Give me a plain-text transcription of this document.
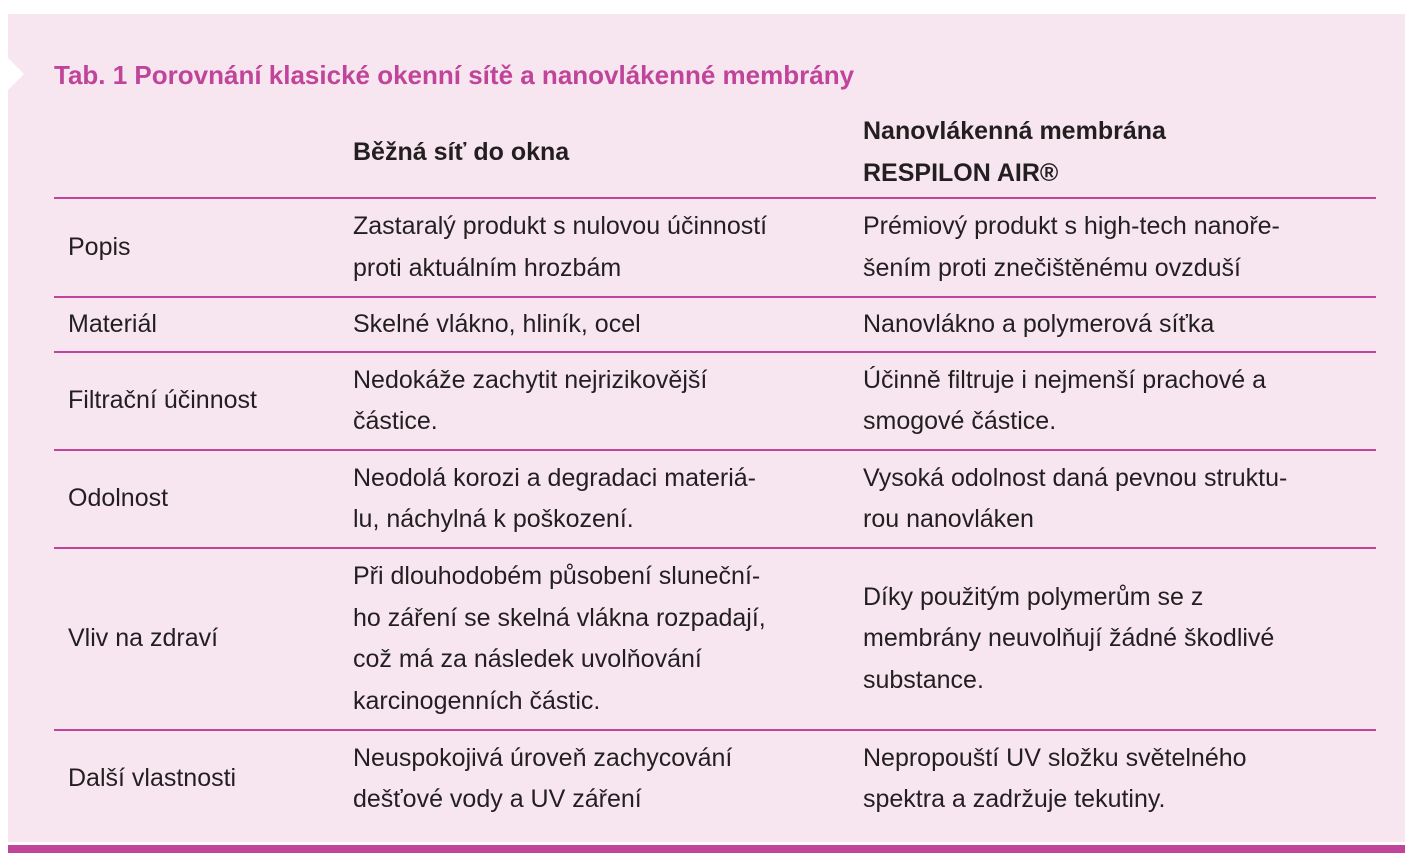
Tab. 1 Porovnání klasické okenní sítě a nanovlákenné membrány
Běžná síť do okna
Nanovlákenná membrána
RESPILON AIR®
Popis
Zastaralý produkt s nulovou účinností
proti aktuálním hrozbám
Prémiový produkt s high-tech nanoře-
šením proti znečištěnému ovzduší
Materiál	Skelné vlákno, hliník, ocel	Nanovlákno a polymerová síťka
Filtrační účinnost
Nedokáže zachytit nejrizikovější
částice.
Účinně filtruje i nejmenší prachové a
smogové částice.
Odolnost
Neodolá korozi a degradaci materiá-
lu, náchylná k poškození.
Vysoká odolnost daná pevnou struktu-
rou nanovláken
Vliv na zdraví
Při dlouhodobém působení sluneční-
ho záření se skelná vlákna rozpadají,
což má za následek uvolňování
karcinogenních částic.
Díky použitým polymerům se z
membrány neuvolňují žádné škodlivé
substance.
Další vlastnosti
Neuspokojivá úroveň zachycování
dešťové vody a UV záření
Nepropouští UV složku světelného
spektra a zadržuje tekutiny.
